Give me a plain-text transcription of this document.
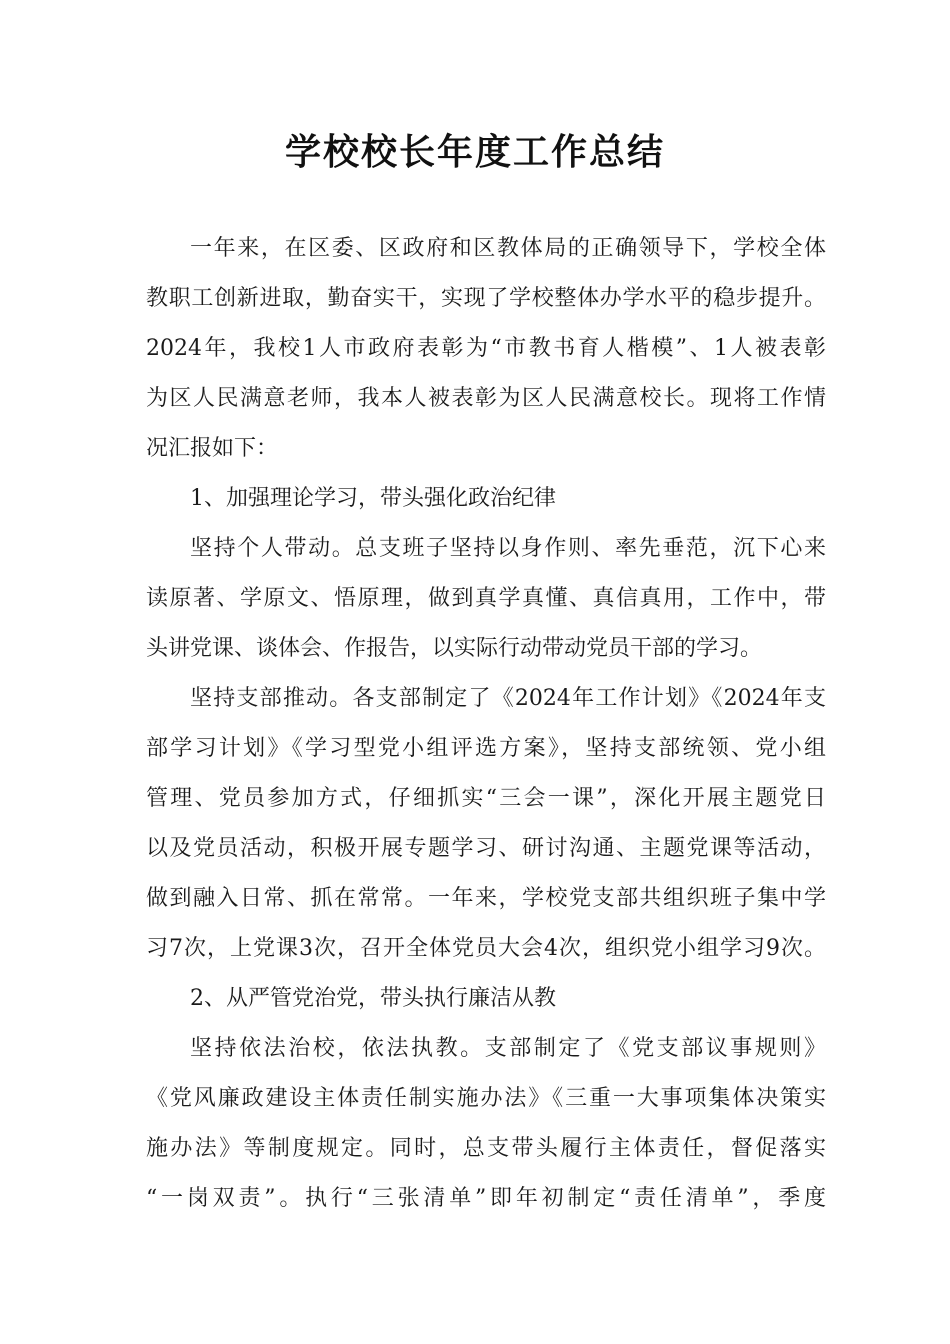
学校校长年度工作总结
一年来，在区委、区政府和区教体局的正确领导下，学校全体
教职工创新进取，勤奋实干，实现了学校整体办学水平的稳步提升。
2024年，我校1人市政府表彰为“市教书育人楷模”、1人被表彰
为区人民满意老师，我本人被表彰为区人民满意校长。现将工作情
况汇报如下：
1、加强理论学习，带头强化政治纪律
坚持个人带动。总支班子坚持以身作则、率先垂范，沉下心来
读原著、学原文、悟原理，做到真学真懂、真信真用，工作中，带
头讲党课、谈体会、作报告，以实际行动带动党员干部的学习。
坚持支部推动。各支部制定了《2024年工作计划》《2024年支
部学习计划》《学习型党小组评选方案》，坚持支部统领、党小组
管理、党员参加方式，仔细抓实“三会一课”，深化开展主题党日
以及党员活动，积极开展专题学习、研讨沟通、主题党课等活动，
做到融入日常、抓在常常。一年来，学校党支部共组织班子集中学
习7次，上党课3次，召开全体党员大会4次，组织党小组学习9次。
2、从严管党治党，带头执行廉洁从教
坚持依法治校，依法执教。支部制定了《党支部议事规则》
《党风廉政建设主体责任制实施办法》《三重一大事项集体决策实
施办法》等制度规定。同时，总支带头履行主体责任，督促落实
“一岗双责”。执行“三张清单”即年初制定“责任清单”，季度
